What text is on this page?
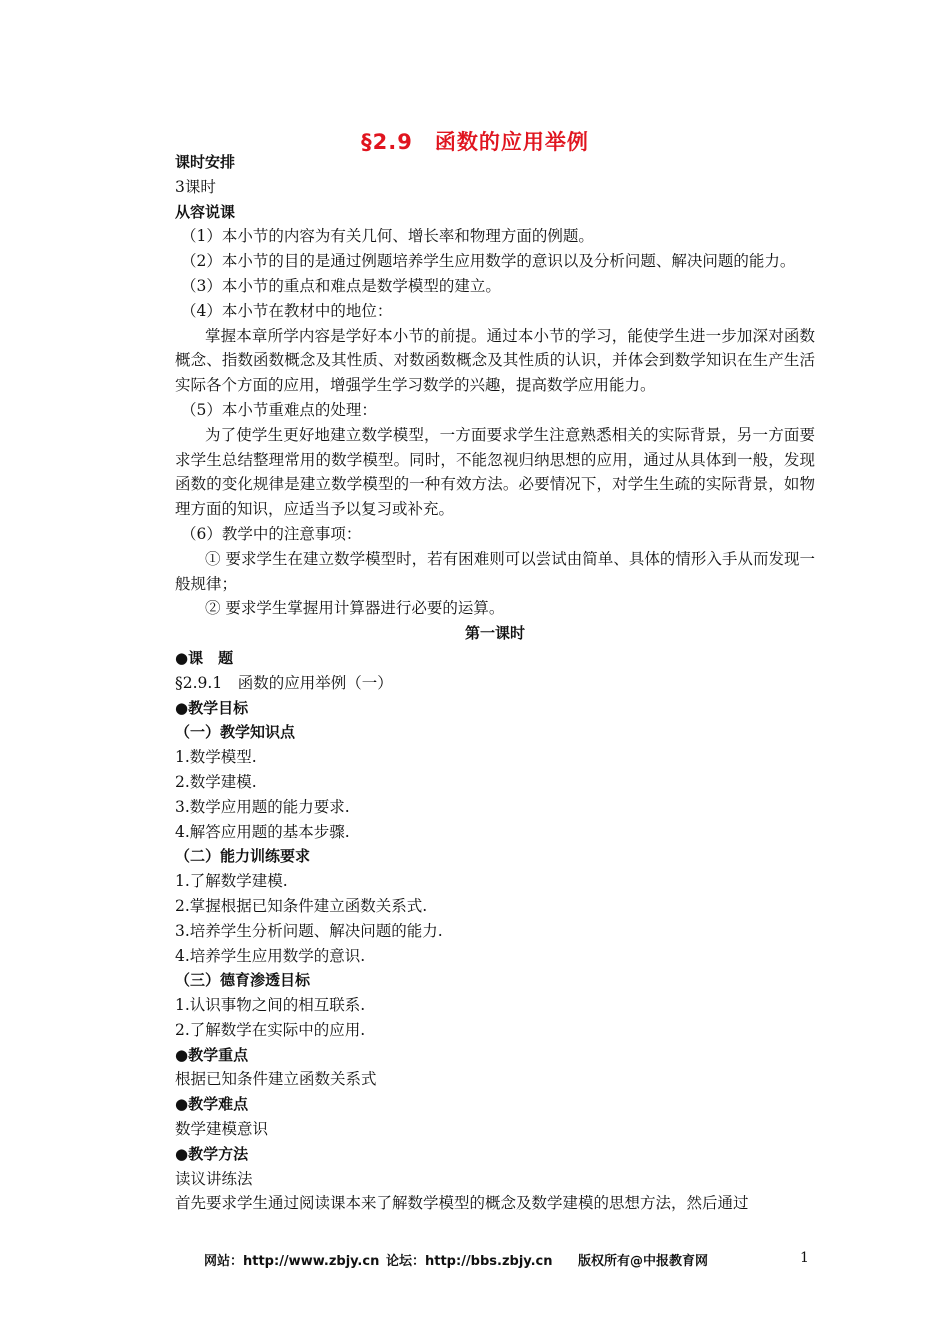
§2.9　函数的应用举例

课时安排

3课时

从容说课

（1）本小节的内容为有关几何、增长率和物理方面的例题。

（2）本小节的目的是通过例题培养学生应用数学的意识以及分析问题、解决问题的能力。

（3）本小节的重点和难点是数学模型的建立。

（4）本小节在教材中的地位：

掌握本章所学内容是学好本小节的前提。通过本小节的学习，能使学生进一步加深对函数概念、指数函数概念及其性质、对数函数概念及其性质的认识，并体会到数学知识在生产生活实际各个方面的应用，增强学生学习数学的兴趣，提高数学应用能力。

（5）本小节重难点的处理：

为了使学生更好地建立数学模型，一方面要求学生注意熟悉相关的实际背景，另一方面要求学生总结整理常用的数学模型。同时，不能忽视归纳思想的应用，通过从具体到一般，发现函数的变化规律是建立数学模型的一种有效方法。必要情况下，对学生生疏的实际背景，如物理方面的知识，应适当予以复习或补充。

（6）教学中的注意事项：

① 要求学生在建立数学模型时，若有困难则可以尝试由简单、具体的情形入手从而发现一般规律；

② 要求学生掌握用计算器进行必要的运算。

第一课时

●课　题

§2.9.1　函数的应用举例（一）

●教学目标

（一）教学知识点

1.数学模型.

2.数学建模.

3.数学应用题的能力要求.

4.解答应用题的基本步骤.

（二）能力训练要求

1.了解数学建模.

2.掌握根据已知条件建立函数关系式.

3.培养学生分析问题、解决问题的能力.

4.培养学生应用数学的意识.

（三）德育渗透目标

1.认识事物之间的相互联系.

2.了解数学在实际中的应用.

●教学重点

根据已知条件建立函数关系式

●教学难点

数学建模意识

●教学方法

读议讲练法

首先要求学生通过阅读课本来了解数学模型的概念及数学建模的思想方法，然后通过

网站：http://www.zbjy.cn 论坛：http://bbs.zbjy.cn 版权所有@中报教育网	1
